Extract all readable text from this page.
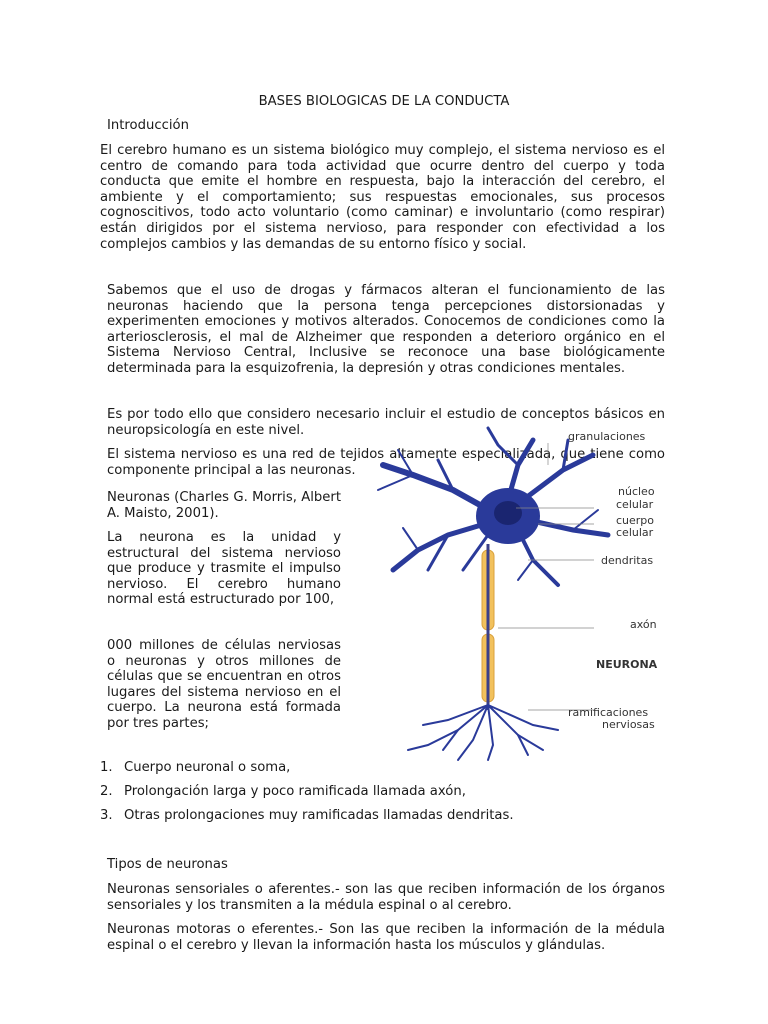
BASES BIOLOGICAS DE LA CONDUCTA
Introducción

El cerebro humano es un sistema biológico muy complejo, el sistema nervioso es el centro de comando para toda actividad que ocurre dentro del cuerpo y toda conducta que emite el hombre en respuesta, bajo la interacción del cerebro, el ambiente y el comportamiento; sus respuestas emocionales, sus procesos cognoscitivos, todo acto voluntario (como caminar) e involuntario (como respirar) están dirigidos por el sistema nervioso, para responder con efectividad a los complejos cambios y las demandas de su entorno físico y social.

Sabemos que el uso de drogas y fármacos alteran el funcionamiento de las neuronas haciendo que la persona tenga percepciones distorsionadas y experimenten emociones y motivos alterados. Conocemos de condiciones como la arteriosclerosis, el mal de Alzheimer que responden a deterioro orgánico en el Sistema Nervioso Central, Inclusive se reconoce una base biológicamente determinada para la esquizofrenia, la depresión y otras condiciones mentales.

Es por todo ello que considero necesario incluir el estudio de conceptos básicos en neuropsicología en este nivel.

El sistema nervioso es una red de tejidos altamente especializada, que tiene como componente principal a las neuronas.

Neuronas (Charles G. Morris, Albert A. Maisto, 2001).

La neurona es la unidad y estructural del sistema nervioso que produce y trasmite el impulso nervioso. El cerebro humano normal está estructurado por 100,

000 millones de células nerviosas o neuronas y otros millones de células que se encuentran en otros lugares del sistema nervioso en el cuerpo. La neurona está formada por tres partes;

1. Cuerpo neuronal o soma,
2. Prolongación larga y poco ramificada llamada axón,
3. Otras prolongaciones muy ramificadas llamadas dendritas.
Tipos de neuronas

Neuronas sensoriales o aferentes.- son las que reciben información de los órganos sensoriales y los transmiten a la médula espinal o al cerebro.

Neuronas motoras o eferentes.- Son las que reciben la información de la médula espinal o el cerebro y llevan la información hasta los músculos y glándulas.

granulaciones
núcleo
celular
cuerpo
celular
dendritas
axón
NEURONA
ramificaciones
nerviosas
